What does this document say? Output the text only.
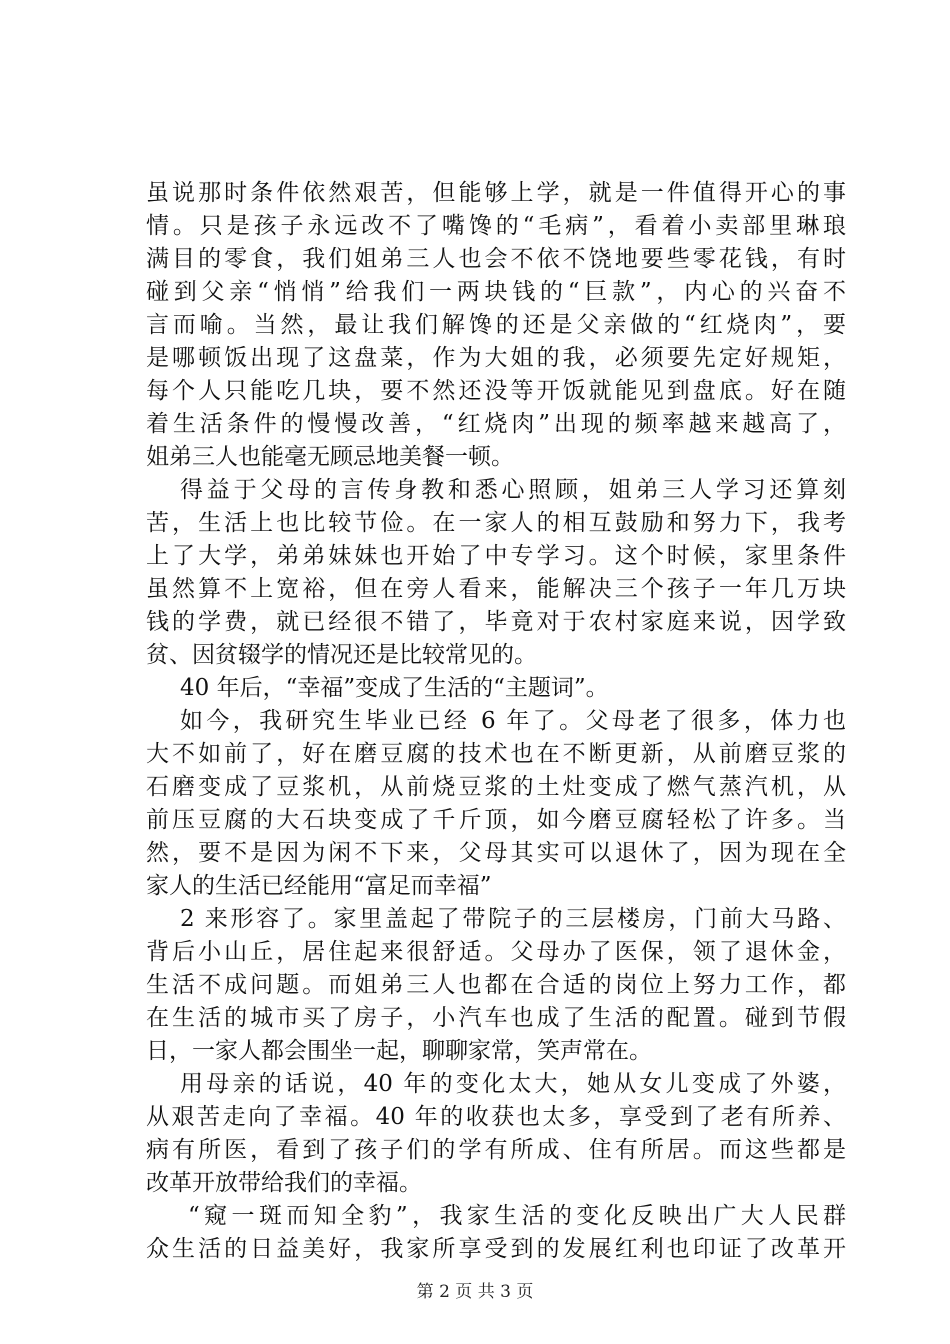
虽说那时条件依然艰苦，但能够上学，就是一件值得开心的事
情。只是孩子永远改不了嘴馋的“毛病”，看着小卖部里琳琅
满目的零食，我们姐弟三人也会不依不饶地要些零花钱，有时
碰到父亲“悄悄”给我们一两块钱的“巨款”，内心的兴奋不
言而喻。当然，最让我们解馋的还是父亲做的“红烧肉”，要
是哪顿饭出现了这盘菜，作为大姐的我，必须要先定好规矩，
每个人只能吃几块，要不然还没等开饭就能见到盘底。好在随
着生活条件的慢慢改善，“红烧肉”出现的频率越来越高了，
姐弟三人也能毫无顾忌地美餐一顿。
得益于父母的言传身教和悉心照顾，姐弟三人学习还算刻
苦，生活上也比较节俭。在一家人的相互鼓励和努力下，我考
上了大学，弟弟妹妹也开始了中专学习。这个时候，家里条件
虽然算不上宽裕，但在旁人看来，能解决三个孩子一年几万块
钱的学费，就已经很不错了，毕竟对于农村家庭来说，因学致
贫、因贫辍学的情况还是比较常见的。
40 年后，“幸福”变成了生活的“主题词”。
如今，我研究生毕业已经 6 年了。父母老了很多，体力也
大不如前了，好在磨豆腐的技术也在不断更新，从前磨豆浆的
石磨变成了豆浆机，从前烧豆浆的土灶变成了燃气蒸汽机，从
前压豆腐的大石块变成了千斤顶，如今磨豆腐轻松了许多。当
然，要不是因为闲不下来，父母其实可以退休了，因为现在全
家人的生活已经能用“富足而幸福”
2 来形容了。家里盖起了带院子的三层楼房，门前大马路、
背后小山丘，居住起来很舒适。父母办了医保，领了退休金，
生活不成问题。而姐弟三人也都在合适的岗位上努力工作，都
在生活的城市买了房子，小汽车也成了生活的配置。碰到节假
日，一家人都会围坐一起，聊聊家常，笑声常在。
用母亲的话说，40 年的变化太大，她从女儿变成了外婆，
从艰苦走向了幸福。40 年的收获也太多，享受到了老有所养、
病有所医，看到了孩子们的学有所成、住有所居。而这些都是
改革开放带给我们的幸福。
“窥一斑而知全豹”，我家生活的变化反映出广大人民群
众生活的日益美好，我家所享受到的发展红利也印证了改革开
第 2 页 共 3 页
